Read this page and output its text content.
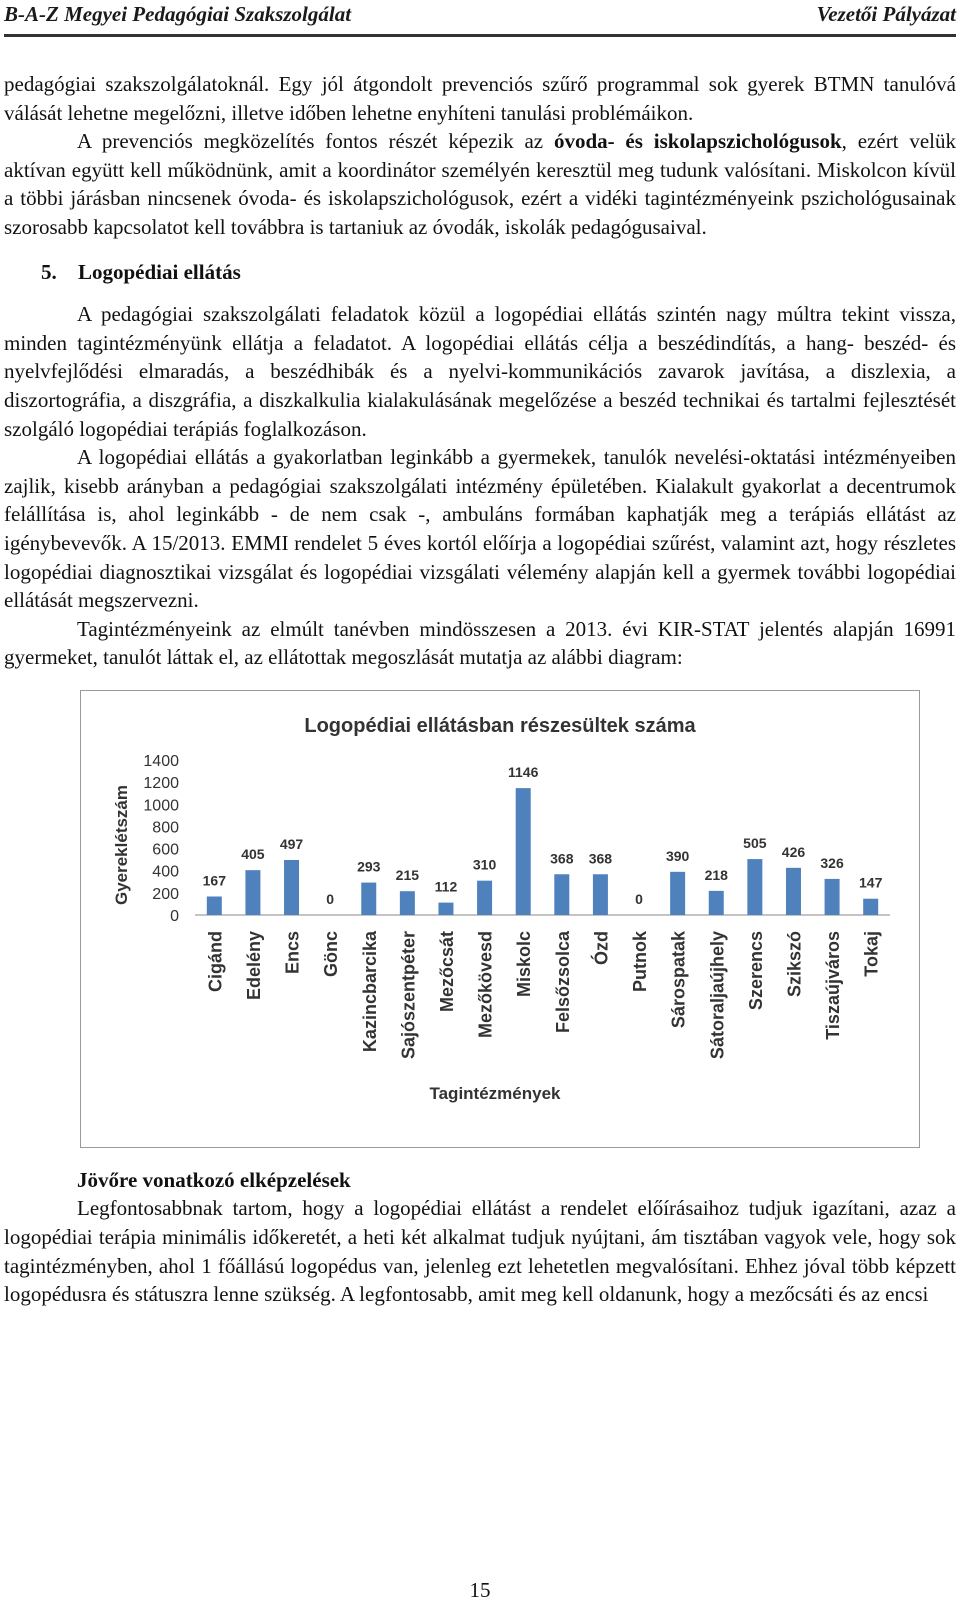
B-A-Z Megyei Pedagógiai Szakszolgálat	Vezetői Pályázat

pedagógiai szakszolgálatoknál. Egy jól átgondolt prevenciós szűrő programmal sok gyerek BTMN tanulóvá válását lehetne megelőzni, illetve időben lehetne enyhíteni tanulási problémáikon.

A prevenciós megközelítés fontos részét képezik az óvoda- és iskolapszichológusok, ezért velük aktívan együtt kell működnünk, amit a koordinátor személyén keresztül meg tudunk valósítani. Miskolcon kívül a többi járásban nincsenek óvoda- és iskolapszichológusok, ezért a vidéki tagintézményeink pszichológusainak szorosabb kapcsolatot kell továbbra is tartaniuk az óvodák, iskolák pedagógusaival.

5. Logopédiai ellátás

A pedagógiai szakszolgálati feladatok közül a logopédiai ellátás szintén nagy múltra tekint vissza, minden tagintézményünk ellátja a feladatot. A logopédiai ellátás célja a beszédindítás, a hang- beszéd- és nyelvfejlődési elmaradás, a beszédhibák és a nyelvi-kommunikációs zavarok javítása, a diszlexia, a diszortográfia, a diszgráfia, a diszkalkulia kialakulásának megelőzése a beszéd technikai és tartalmi fejlesztését szolgáló logopédiai terápiás foglalkozáson.

A logopédiai ellátás a gyakorlatban leginkább a gyermekek, tanulók nevelési-oktatási intézményeiben zajlik, kisebb arányban a pedagógiai szakszolgálati intézmény épületében. Kialakult gyakorlat a decentrumok felállítása is, ahol leginkább - de nem csak -, ambuláns formában kaphatják meg a terápiás ellátást az igénybevevők. A 15/2013. EMMI rendelet 5 éves kortól előírja a logopédiai szűrést, valamint azt, hogy részletes logopédiai diagnosztikai vizsgálat és logopédiai vizsgálati vélemény alapján kell a gyermek további logopédiai ellátását megszervezni.

Tagintézményeink az elmúlt tanévben mindösszesen a 2013. évi KIR-STAT jelentés alapján 16991 gyermeket, tanulót láttak el, az ellátottak megoszlását mutatja az alábbi diagram:

Logopédiai ellátásban részesültek száma
Gyereklétszám
Tagintézmények
0
200
400
600
800
1000
1200
1400
167
Cigánd
405
Edelény
497
Encs
0
Gönc
293
Kazincbarcika
215
Sajószentpéter
112
Mezőcsát
310
Mezőkövesd
1146
Miskolc
368
Felsőzsolca
368
Ózd
0
Putnok
390
Sárospatak
218
Sátoraljaújhely
505
Szerencs
426
Szikszó
326
Tiszaújváros
147
Tokaj

Jövőre vonatkozó elképzelések

Legfontosabbnak tartom, hogy a logopédiai ellátást a rendelet előírásaihoz tudjuk igazítani, azaz a logopédiai terápia minimális időkeretét, a heti két alkalmat tudjuk nyújtani, ám tisztában vagyok vele, hogy sok tagintézményben, ahol 1 főállású logopédus van, jelenleg ezt lehetetlen megvalósítani. Ehhez jóval több képzett logopédusra és státuszra lenne szükség. A legfontosabb, amit meg kell oldanunk, hogy a mezőcsáti és az encsi

15
